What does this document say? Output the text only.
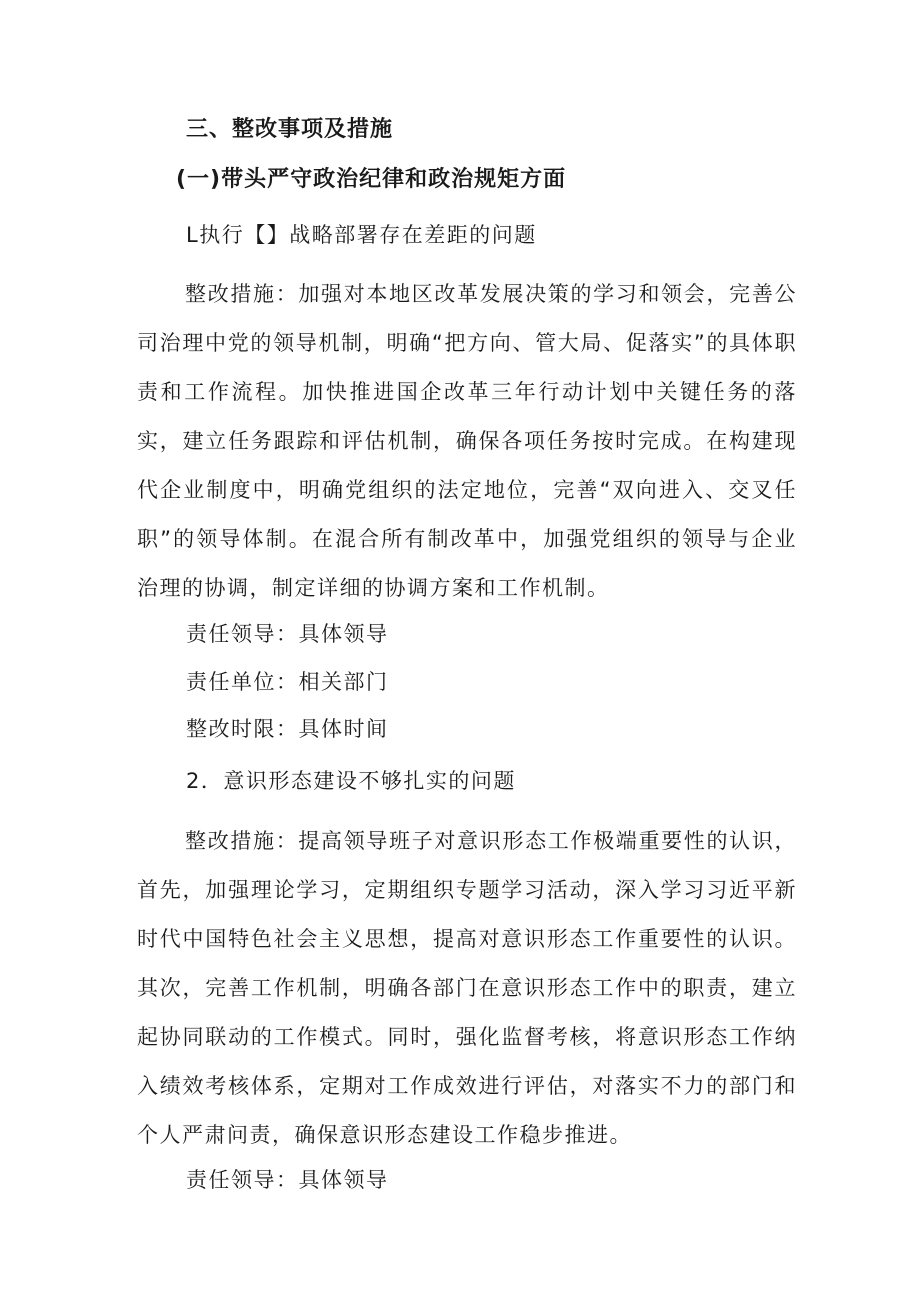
三、整改事项及措施
(一)带头严守政治纪律和政治规矩方面
L执行【】战略部署存在差距的问题
整改措施：加强对本地区改革发展决策的学习和领会，完善公司治理中党的领导机制，明确“把方向、管大局、促落实”的具体职责和工作流程。加快推进国企改革三年行动计划中关键任务的落实，建立任务跟踪和评估机制，确保各项任务按时完成。在构建现代企业制度中，明确党组织的法定地位，完善“双向进入、交叉任职”的领导体制。在混合所有制改革中，加强党组织的领导与企业治理的协调，制定详细的协调方案和工作机制。
责任领导：具体领导
责任单位：相关部门
整改时限：具体时间
2．意识形态建设不够扎实的问题
整改措施：提高领导班子对意识形态工作极端重要性的认识，首先，加强理论学习，定期组织专题学习活动，深入学习习近平新时代中国特色社会主义思想，提高对意识形态工作重要性的认识。其次，完善工作机制，明确各部门在意识形态工作中的职责，建立起协同联动的工作模式。同时，强化监督考核，将意识形态工作纳入绩效考核体系，定期对工作成效进行评估，对落实不力的部门和个人严肃问责，确保意识形态建设工作稳步推进。
责任领导：具体领导
